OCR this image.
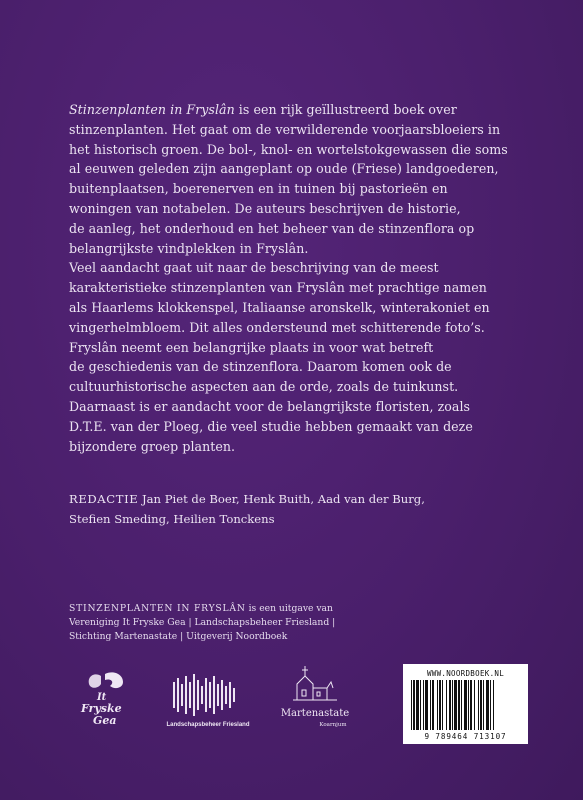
Stinzenplanten in Fryslân is een rijk geïllustreerd boek over

stinzenplanten. Het gaat om de verwilderende voorjaarsbloeiers in

het historisch groen. De bol-, knol- en wortelstokgewassen die soms

al eeuwen geleden zijn aangeplant op oude (Friese) landgoederen,

buitenplaatsen, boerenerven en in tuinen bij pastorieën en

woningen van notabelen. De auteurs beschrijven de historie,

de aanleg, het onderhoud en het beheer van de stinzenflora op

belangrijkste vindplekken in Fryslân.

Veel aandacht gaat uit naar de beschrijving van de meest

karakteristieke stinzenplanten van Fryslân met prachtige namen

als Haarlems klokkenspel, Italiaanse aronskelk, winterakoniet en

vingerhelmbloem. Dit alles ondersteund met schitterende foto’s.

Fryslân neemt een belangrijke plaats in voor wat betreft

de geschiedenis van de stinzenflora. Daarom komen ook de

cultuurhistorische aspecten aan de orde, zoals de tuinkunst.

Daarnaast is er aandacht voor de belangrijkste floristen, zoals

D.T.E. van der Ploeg, die veel studie hebben gemaakt van deze

bijzondere groep planten.

REDACTIE Jan Piet de Boer, Henk Buith, Aad van der Burg,
Stefien Smeding, Heilien Tonckens
STINZENPLANTEN IN FRYSLÂN is een uitgave van
Vereniging It Fryske Gea | Landschapsbeheer Friesland |
Stichting Martenastate | Uitgeverij Noordboek
It
Fryske
Gea	Landschapsbeheer Friesland
Martenastate
Koarnjum
WWW.NOORDBOEK.NL
9 789464 713107
